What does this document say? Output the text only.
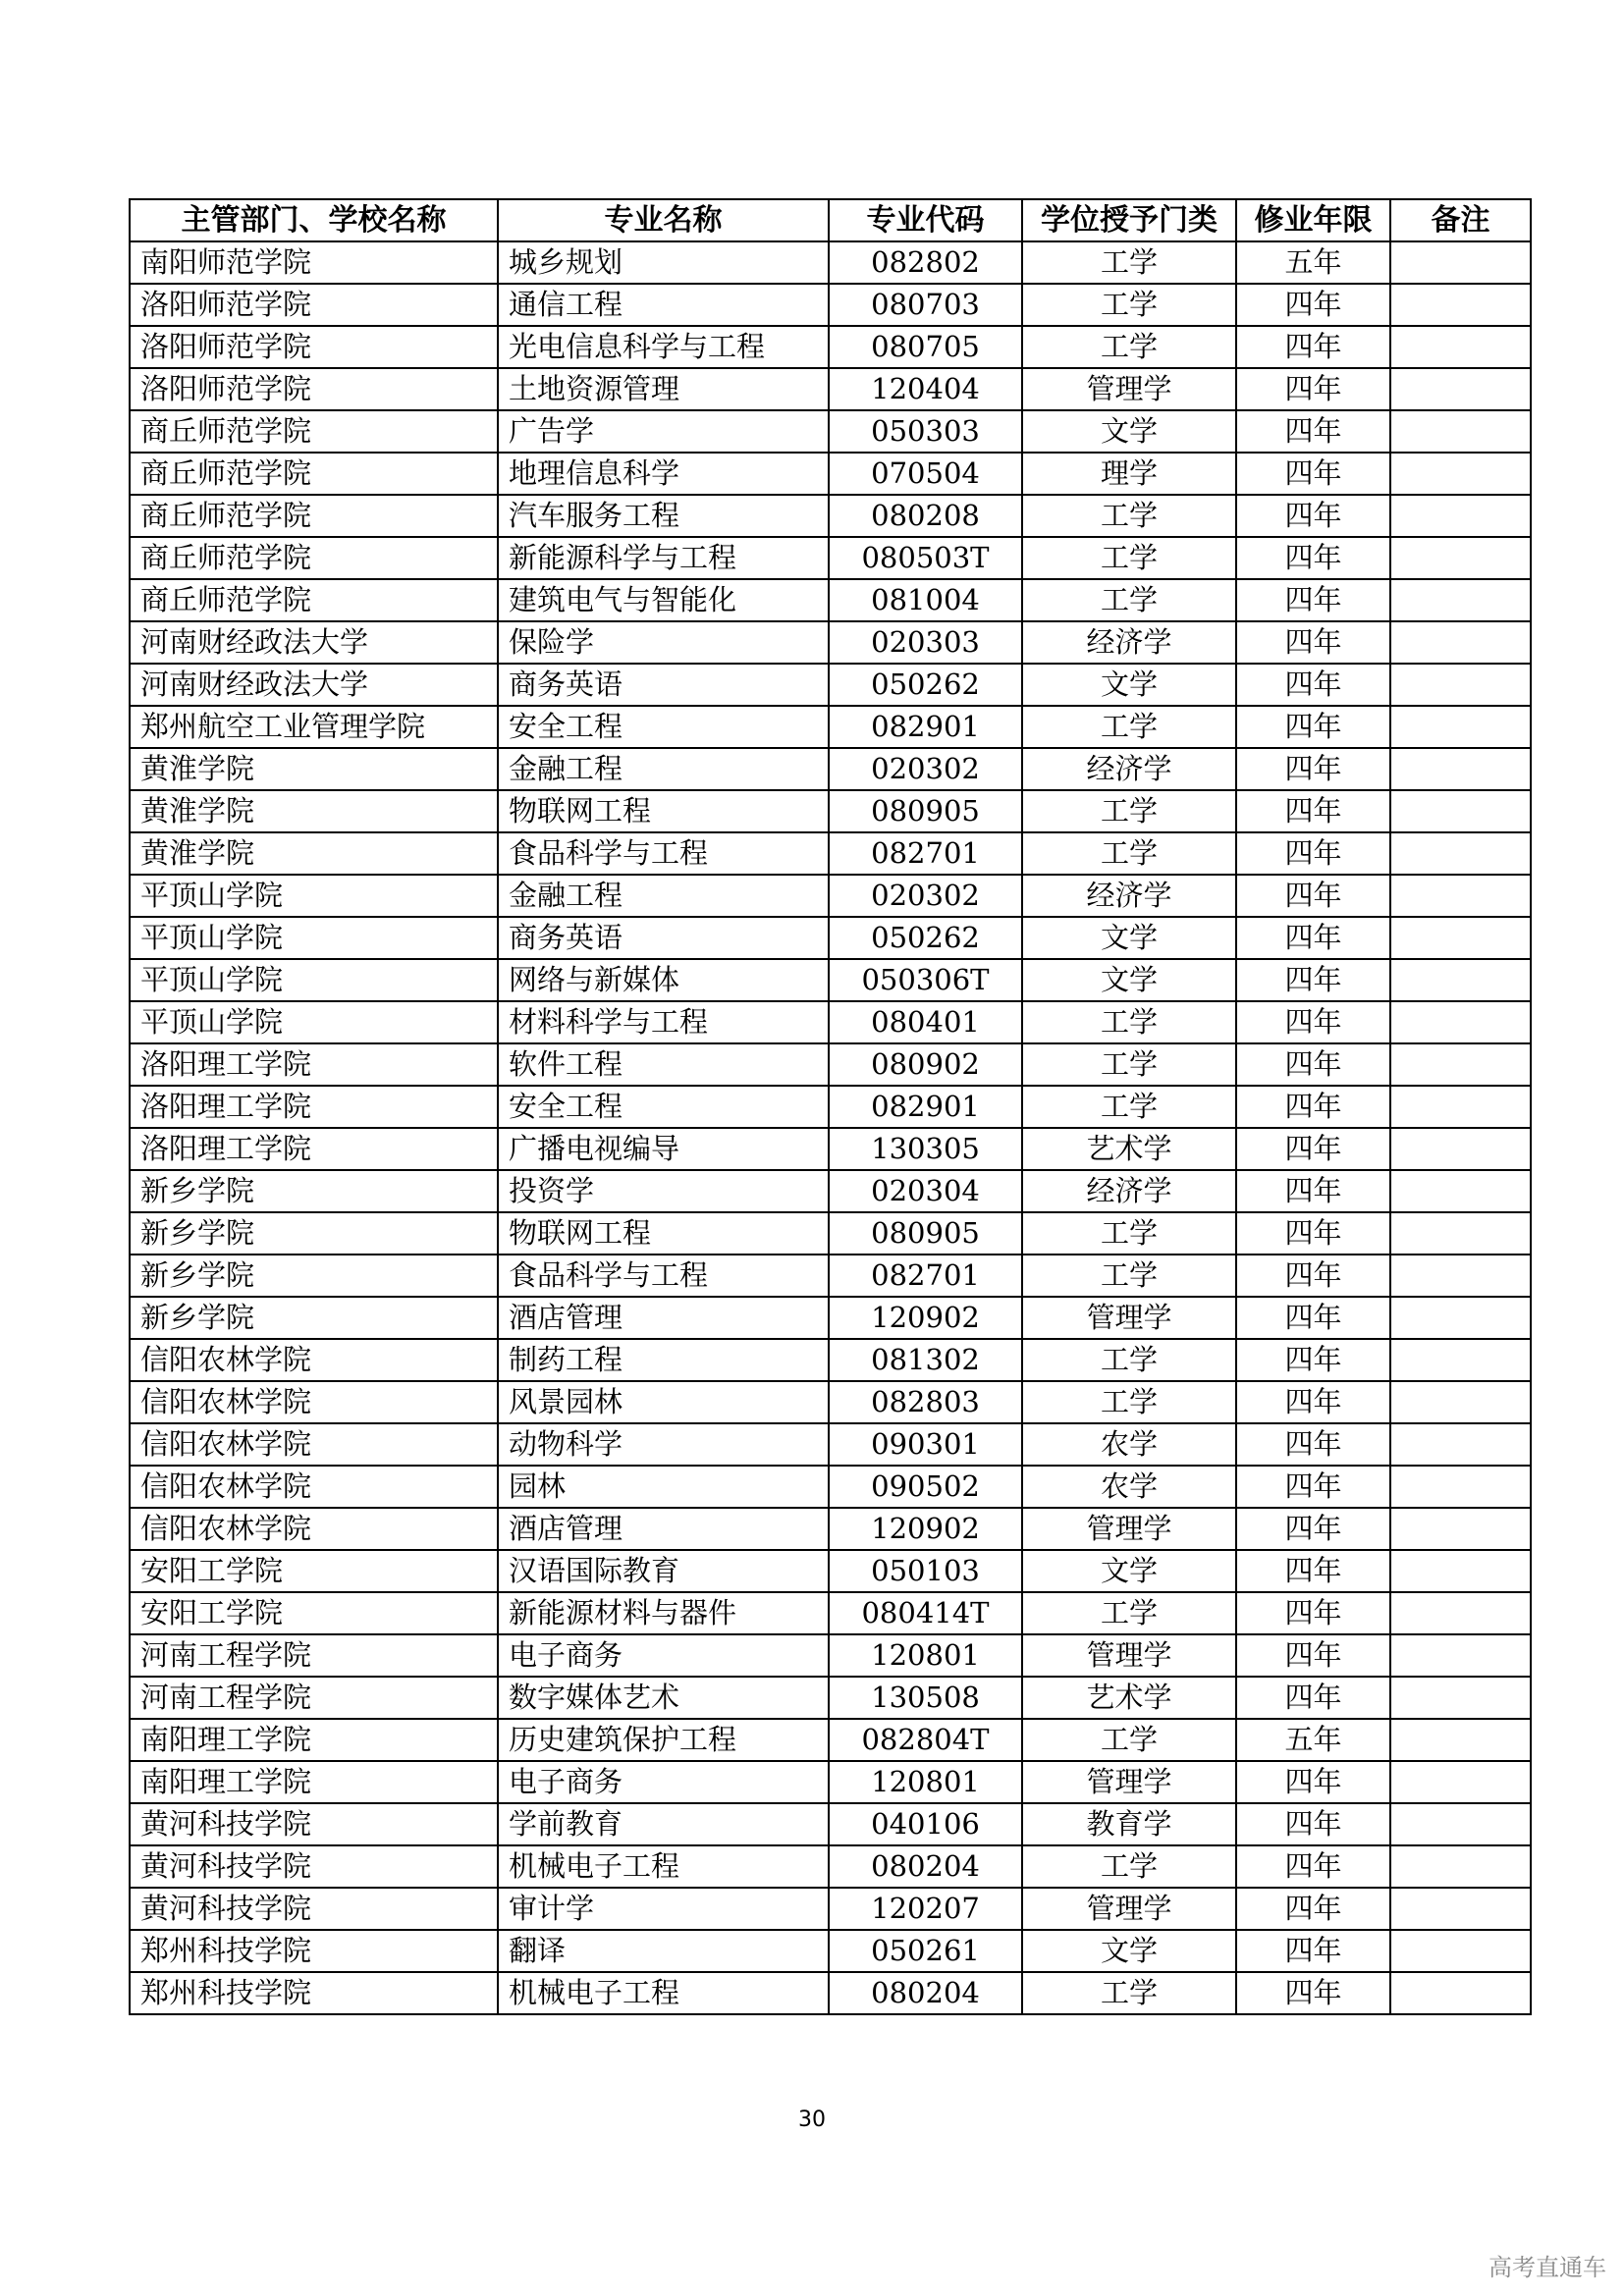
主管部门、学校名称	专业名称	专业代码	学位授予门类	修业年限	备注
南阳师范学院	城乡规划	082802	工学	五年	
洛阳师范学院	通信工程	080703	工学	四年	
洛阳师范学院	光电信息科学与工程	080705	工学	四年	
洛阳师范学院	土地资源管理	120404	管理学	四年	
商丘师范学院	广告学	050303	文学	四年	
商丘师范学院	地理信息科学	070504	理学	四年	
商丘师范学院	汽车服务工程	080208	工学	四年	
商丘师范学院	新能源科学与工程	080503T	工学	四年	
商丘师范学院	建筑电气与智能化	081004	工学	四年	
河南财经政法大学	保险学	020303	经济学	四年	
河南财经政法大学	商务英语	050262	文学	四年	
郑州航空工业管理学院	安全工程	082901	工学	四年	
黄淮学院	金融工程	020302	经济学	四年	
黄淮学院	物联网工程	080905	工学	四年	
黄淮学院	食品科学与工程	082701	工学	四年	
平顶山学院	金融工程	020302	经济学	四年	
平顶山学院	商务英语	050262	文学	四年	
平顶山学院	网络与新媒体	050306T	文学	四年	
平顶山学院	材料科学与工程	080401	工学	四年	
洛阳理工学院	软件工程	080902	工学	四年	
洛阳理工学院	安全工程	082901	工学	四年	
洛阳理工学院	广播电视编导	130305	艺术学	四年	
新乡学院	投资学	020304	经济学	四年	
新乡学院	物联网工程	080905	工学	四年	
新乡学院	食品科学与工程	082701	工学	四年	
新乡学院	酒店管理	120902	管理学	四年	
信阳农林学院	制药工程	081302	工学	四年	
信阳农林学院	风景园林	082803	工学	四年	
信阳农林学院	动物科学	090301	农学	四年	
信阳农林学院	园林	090502	农学	四年	
信阳农林学院	酒店管理	120902	管理学	四年	
安阳工学院	汉语国际教育	050103	文学	四年	
安阳工学院	新能源材料与器件	080414T	工学	四年	
河南工程学院	电子商务	120801	管理学	四年	
河南工程学院	数字媒体艺术	130508	艺术学	四年	
南阳理工学院	历史建筑保护工程	082804T	工学	五年	
南阳理工学院	电子商务	120801	管理学	四年	
黄河科技学院	学前教育	040106	教育学	四年	
黄河科技学院	机械电子工程	080204	工学	四年	
黄河科技学院	审计学	120207	管理学	四年	
郑州科技学院	翻译	050261	文学	四年	
郑州科技学院	机械电子工程	080204	工学	四年	
30
高考直通车
